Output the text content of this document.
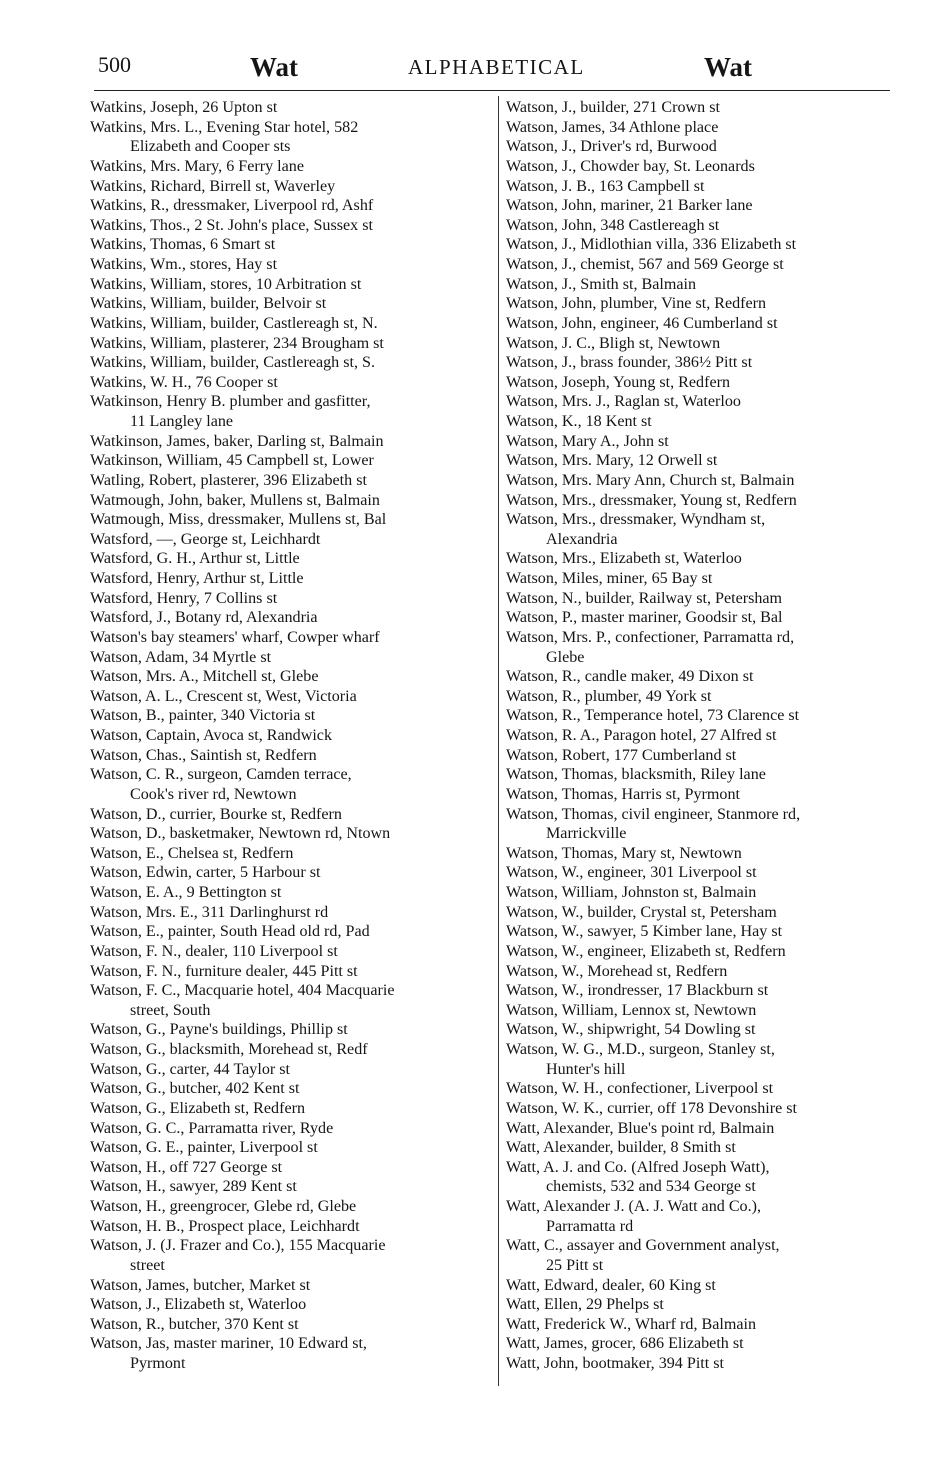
500	Wat	ALPHABETICAL	Wat
Watkins, Joseph, 26 Upton st
Watkins, Mrs. L., Evening Star hotel, 582
Elizabeth and Cooper sts
Watkins, Mrs. Mary, 6 Ferry lane
Watkins, Richard, Birrell st, Waverley
Watkins, R., dressmaker, Liverpool rd, Ashf
Watkins, Thos., 2 St. John's place, Sussex st
Watkins, Thomas, 6 Smart st
Watkins, Wm., stores, Hay st
Watkins, William, stores, 10 Arbitration st
Watkins, William, builder, Belvoir st
Watkins, William, builder, Castlereagh st, N.
Watkins, William, plasterer, 234 Brougham st
Watkins, William, builder, Castlereagh st, S.
Watkins, W. H., 76 Cooper st
Watkinson, Henry B. plumber and gasfitter,
11 Langley lane
Watkinson, James, baker, Darling st, Balmain
Watkinson, William, 45 Campbell st, Lower
Watling, Robert, plasterer, 396 Elizabeth st
Watmough, John, baker, Mullens st, Balmain
Watmough, Miss, dressmaker, Mullens st, Bal
Watsford, —, George st, Leichhardt
Watsford, G. H., Arthur st, Little
Watsford, Henry, Arthur st, Little
Watsford, Henry, 7 Collins st
Watsford, J., Botany rd, Alexandria
Watson's bay steamers' wharf, Cowper wharf
Watson, Adam, 34 Myrtle st
Watson, Mrs. A., Mitchell st, Glebe
Watson, A. L., Crescent st, West, Victoria
Watson, B., painter, 340 Victoria st
Watson, Captain, Avoca st, Randwick
Watson, Chas., Saintish st, Redfern
Watson, C. R., surgeon, Camden terrace,
Cook's river rd, Newtown
Watson, D., currier, Bourke st, Redfern
Watson, D., basketmaker, Newtown rd, Ntown
Watson, E., Chelsea st, Redfern
Watson, Edwin, carter, 5 Harbour st
Watson, E. A., 9 Bettington st
Watson, Mrs. E., 311 Darlinghurst rd
Watson, E., painter, South Head old rd, Pad
Watson, F. N., dealer, 110 Liverpool st
Watson, F. N., furniture dealer, 445 Pitt st
Watson, F. C., Macquarie hotel, 404 Macquarie
street, South
Watson, G., Payne's buildings, Phillip st
Watson, G., blacksmith, Morehead st, Redf
Watson, G., carter, 44 Taylor st
Watson, G., butcher, 402 Kent st
Watson, G., Elizabeth st, Redfern
Watson, G. C., Parramatta river, Ryde
Watson, G. E., painter, Liverpool st
Watson, H., off 727 George st
Watson, H., sawyer, 289 Kent st
Watson, H., greengrocer, Glebe rd, Glebe
Watson, H. B., Prospect place, Leichhardt
Watson, J. (J. Frazer and Co.), 155 Macquarie
street
Watson, James, butcher, Market st
Watson, J., Elizabeth st, Waterloo
Watson, R., butcher, 370 Kent st
Watson, Jas, master mariner, 10 Edward st,
Pyrmont
Watson, J., builder, 271 Crown st
Watson, James, 34 Athlone place
Watson, J., Driver's rd, Burwood
Watson, J., Chowder bay, St. Leonards
Watson, J. B., 163 Campbell st
Watson, John, mariner, 21 Barker lane
Watson, John, 348 Castlereagh st
Watson, J., Midlothian villa, 336 Elizabeth st
Watson, J., chemist, 567 and 569 George st
Watson, J., Smith st, Balmain
Watson, John, plumber, Vine st, Redfern
Watson, John, engineer, 46 Cumberland st
Watson, J. C., Bligh st, Newtown
Watson, J., brass founder, 386½ Pitt st
Watson, Joseph, Young st, Redfern
Watson, Mrs. J., Raglan st, Waterloo
Watson, K., 18 Kent st
Watson, Mary A., John st
Watson, Mrs. Mary, 12 Orwell st
Watson, Mrs. Mary Ann, Church st, Balmain
Watson, Mrs., dressmaker, Young st, Redfern
Watson, Mrs., dressmaker, Wyndham st,
Alexandria
Watson, Mrs., Elizabeth st, Waterloo
Watson, Miles, miner, 65 Bay st
Watson, N., builder, Railway st, Petersham
Watson, P., master mariner, Goodsir st, Bal
Watson, Mrs. P., confectioner, Parramatta rd,
Glebe
Watson, R., candle maker, 49 Dixon st
Watson, R., plumber, 49 York st
Watson, R., Temperance hotel, 73 Clarence st
Watson, R. A., Paragon hotel, 27 Alfred st
Watson, Robert, 177 Cumberland st
Watson, Thomas, blacksmith, Riley lane
Watson, Thomas, Harris st, Pyrmont
Watson, Thomas, civil engineer, Stanmore rd,
Marrickville
Watson, Thomas, Mary st, Newtown
Watson, W., engineer, 301 Liverpool st
Watson, William, Johnston st, Balmain
Watson, W., builder, Crystal st, Petersham
Watson, W., sawyer, 5 Kimber lane, Hay st
Watson, W., engineer, Elizabeth st, Redfern
Watson, W., Morehead st, Redfern
Watson, W., irondresser, 17 Blackburn st
Watson, William, Lennox st, Newtown
Watson, W., shipwright, 54 Dowling st
Watson, W. G., M.D., surgeon, Stanley st,
Hunter's hill
Watson, W. H., confectioner, Liverpool st
Watson, W. K., currier, off 178 Devonshire st
Watt, Alexander, Blue's point rd, Balmain
Watt, Alexander, builder, 8 Smith st
Watt, A. J. and Co. (Alfred Joseph Watt),
chemists, 532 and 534 George st
Watt, Alexander J. (A. J. Watt and Co.),
Parramatta rd
Watt, C., assayer and Government analyst,
25 Pitt st
Watt, Edward, dealer, 60 King st
Watt, Ellen, 29 Phelps st
Watt, Frederick W., Wharf rd, Balmain
Watt, James, grocer, 686 Elizabeth st
Watt, John, bootmaker, 394 Pitt st
